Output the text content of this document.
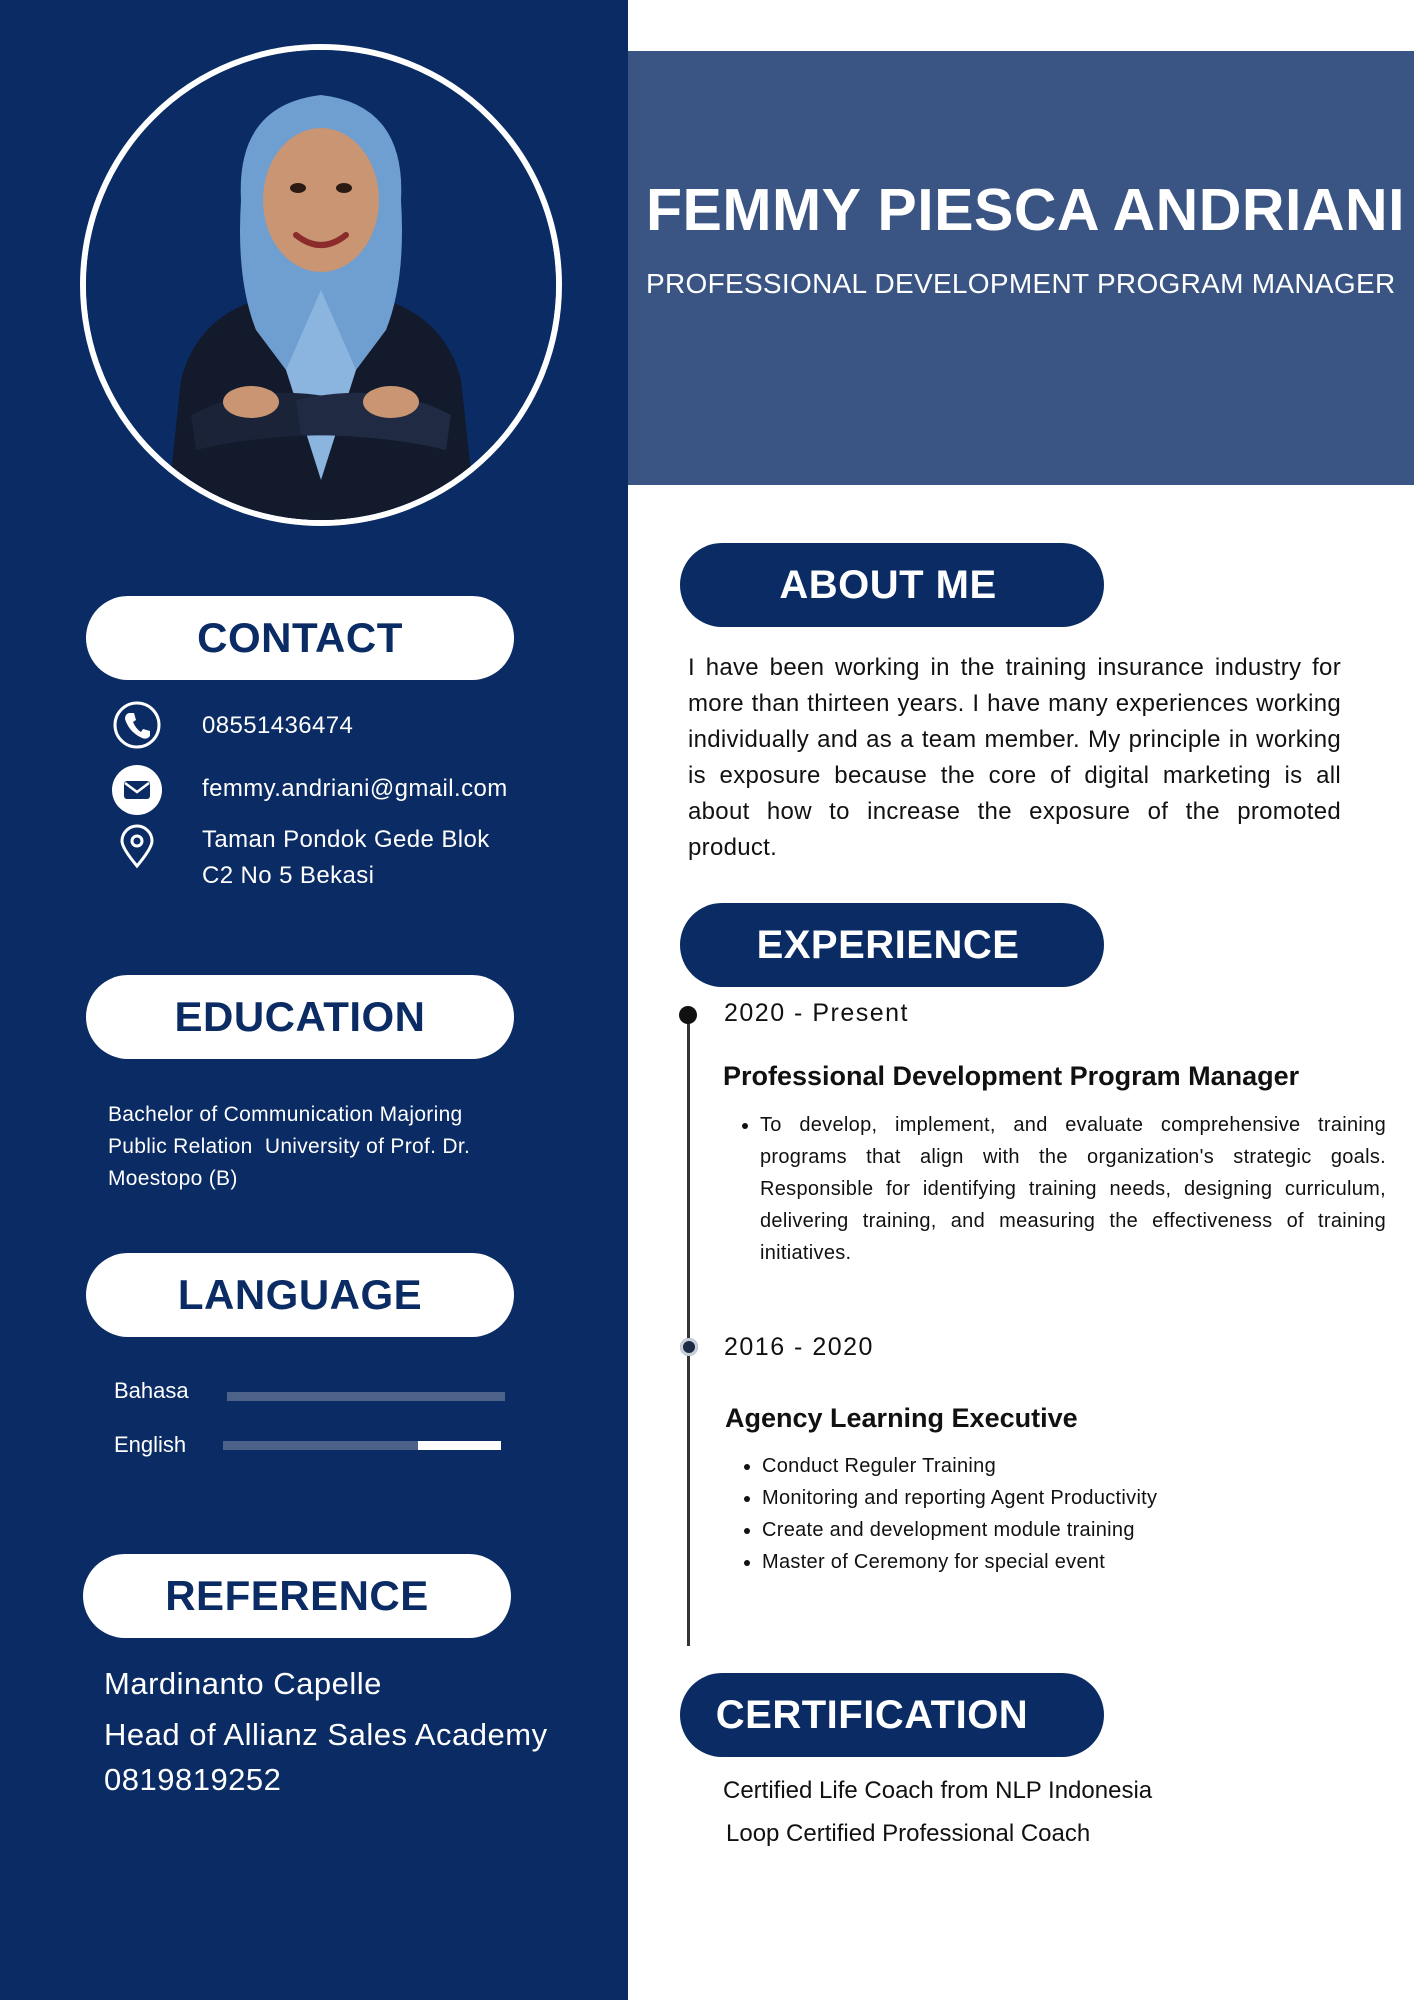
FEMMY PIESCA ANDRIANI
PROFESSIONAL DEVELOPMENT PROGRAM MANAGER
CONTACT
08551436474
femmy.andriani@gmail.com
Taman Pondok Gede Blok
C2 No 5 Bekasi
EDUCATION
Bachelor of Communication Majoring
Public Relation  University of Prof. Dr.
Moestopo (B)
LANGUAGE
Bahasa
English
REFERENCE
Mardinanto Capelle
Head of Allianz Sales Academy
0819819252
ABOUT ME
I have been working in the training insurance industry for more than thirteen years. I have many experiences working individually and as a team member. My principle in working is exposure because the core of digital marketing is all about how to increase the exposure of the promoted product.
EXPERIENCE
2020 - Present
Professional Development Program Manager
• To develop, implement, and evaluate comprehensive training programs that align with the organization's strategic goals. Responsible for identifying training needs, designing curriculum, delivering training, and measuring the effectiveness of training initiatives.
2016 - 2020
Agency Learning Executive
• Conduct Reguler Training
• Monitoring and reporting Agent Productivity
• Create and development module training
• Master of Ceremony for special event
CERTIFICATION
Certified Life Coach from NLP Indonesia
Loop Certified Professional Coach
